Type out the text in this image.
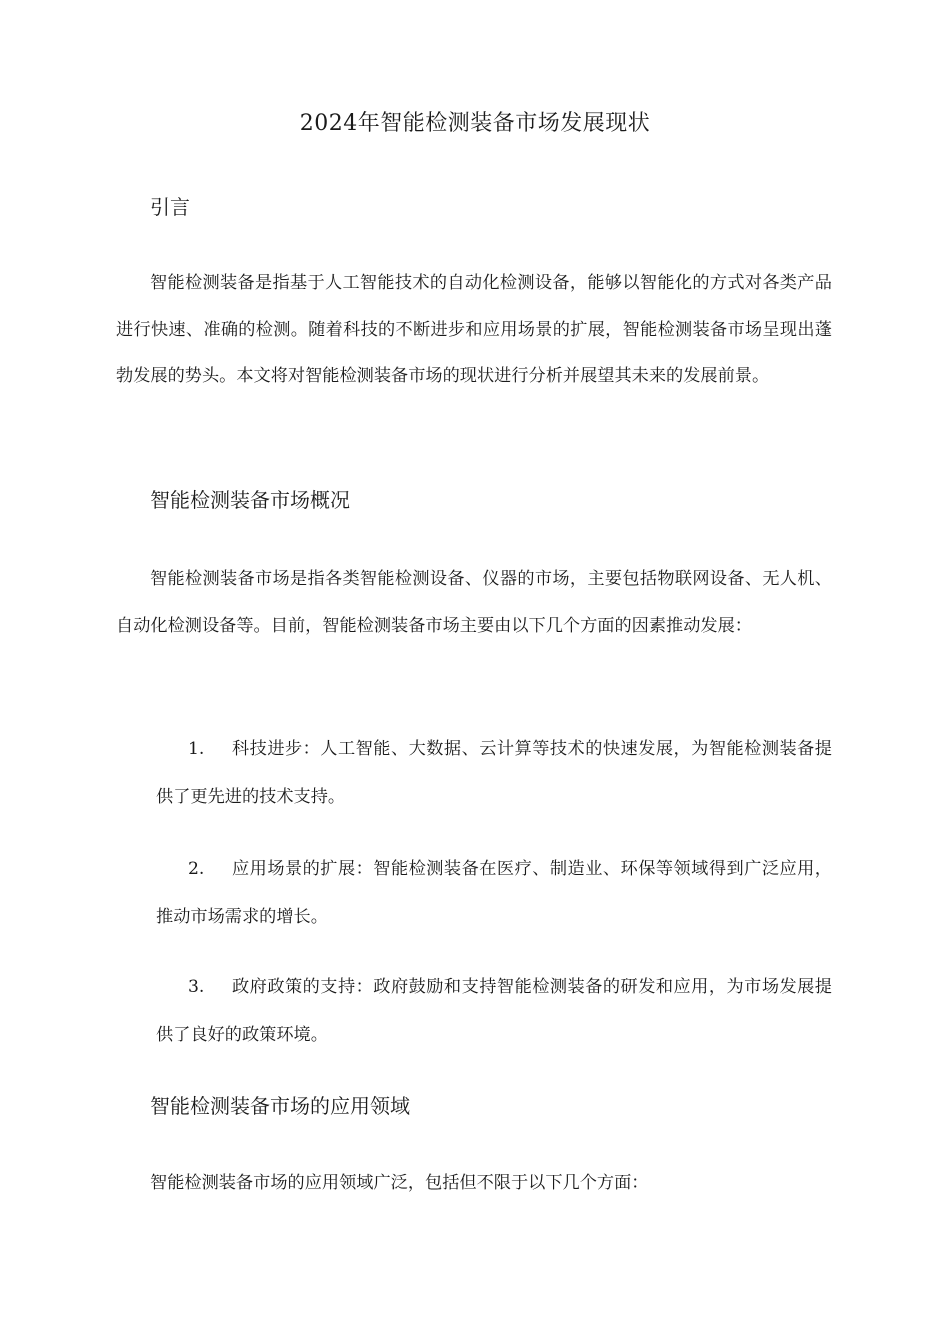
2024年智能检测装备市场发展现状
引言

智能检测装备是指基于人工智能技术的自动化检测设备，能够以智能化的方式对各类产品进行快速、准确的检测。随着科技的不断进步和应用场景的扩展，智能检测装备市场呈现出蓬勃发展的势头。本文将对智能检测装备市场的现状进行分析并展望其未来的发展前景。

智能检测装备市场概况

智能检测装备市场是指各类智能检测设备、仪器的市场，主要包括物联网设备、无人机、自动化检测设备等。目前，智能检测装备市场主要由以下几个方面的因素推动发展：

1.	科技进步：人工智能、大数据、云计算等技术的快速发展，为智能检测装备提供了更先进的技术支持。
2.	应用场景的扩展：智能检测装备在医疗、制造业、环保等领域得到广泛应用，推动市场需求的增长。
3.	政府政策的支持：政府鼓励和支持智能检测装备的研发和应用，为市场发展提供了良好的政策环境。
智能检测装备市场的应用领域

智能检测装备市场的应用领域广泛，包括但不限于以下几个方面：
